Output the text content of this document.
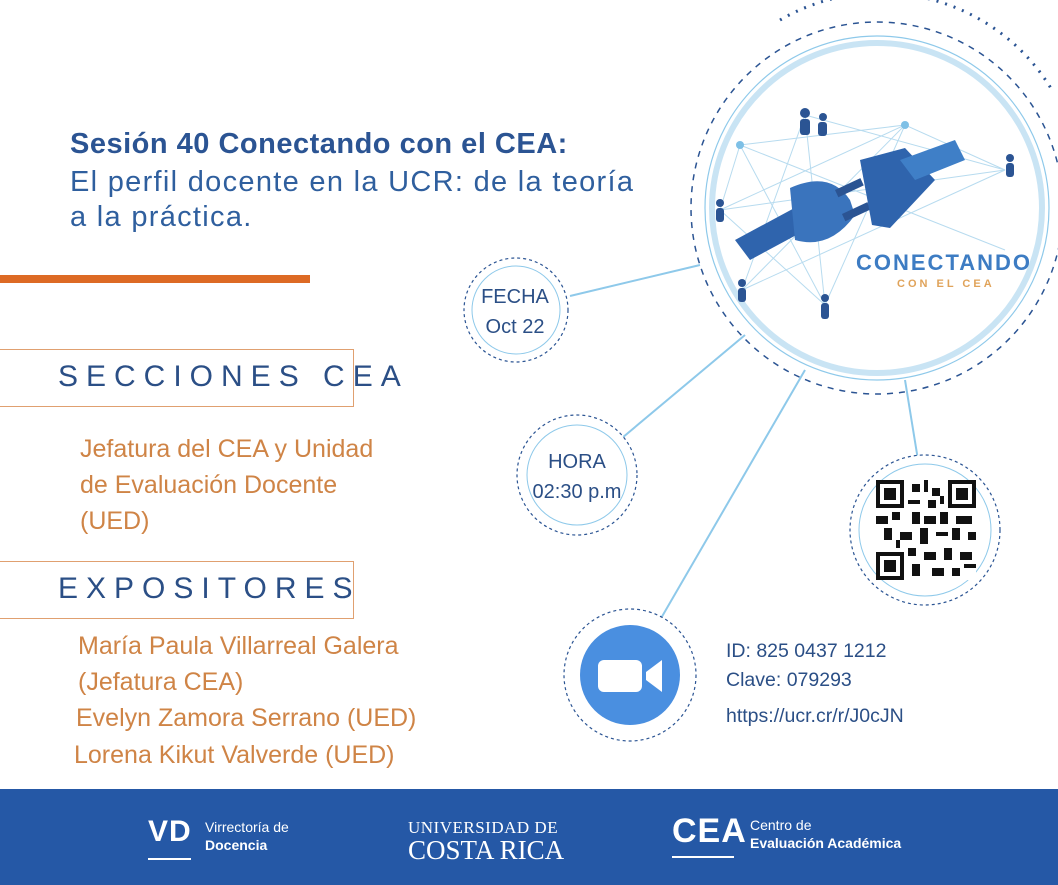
Sesión 40 Conectando con el CEA:
El perfil docente en la UCR: de la teoría
a la práctica.
CONECTANDO
CON EL CEA
SECCIONES CEA
Jefatura del CEA y Unidad
de Evaluación Docente
(UED)
EXPOSITORES
María Paula Villarreal Galera
(Jefatura CEA)
Evelyn Zamora Serrano (UED)
Lorena Kikut Valverde (UED)
FECHA
Oct 22
HORA
02:30 p.m
ID: 825 0437 1212
Clave: 079293
https://ucr.cr/r/J0cJN
VD Virrectoría de
Docencia
UNIVERSIDAD DE
COSTA RICA	CEA Centro de
Evaluación Académica
